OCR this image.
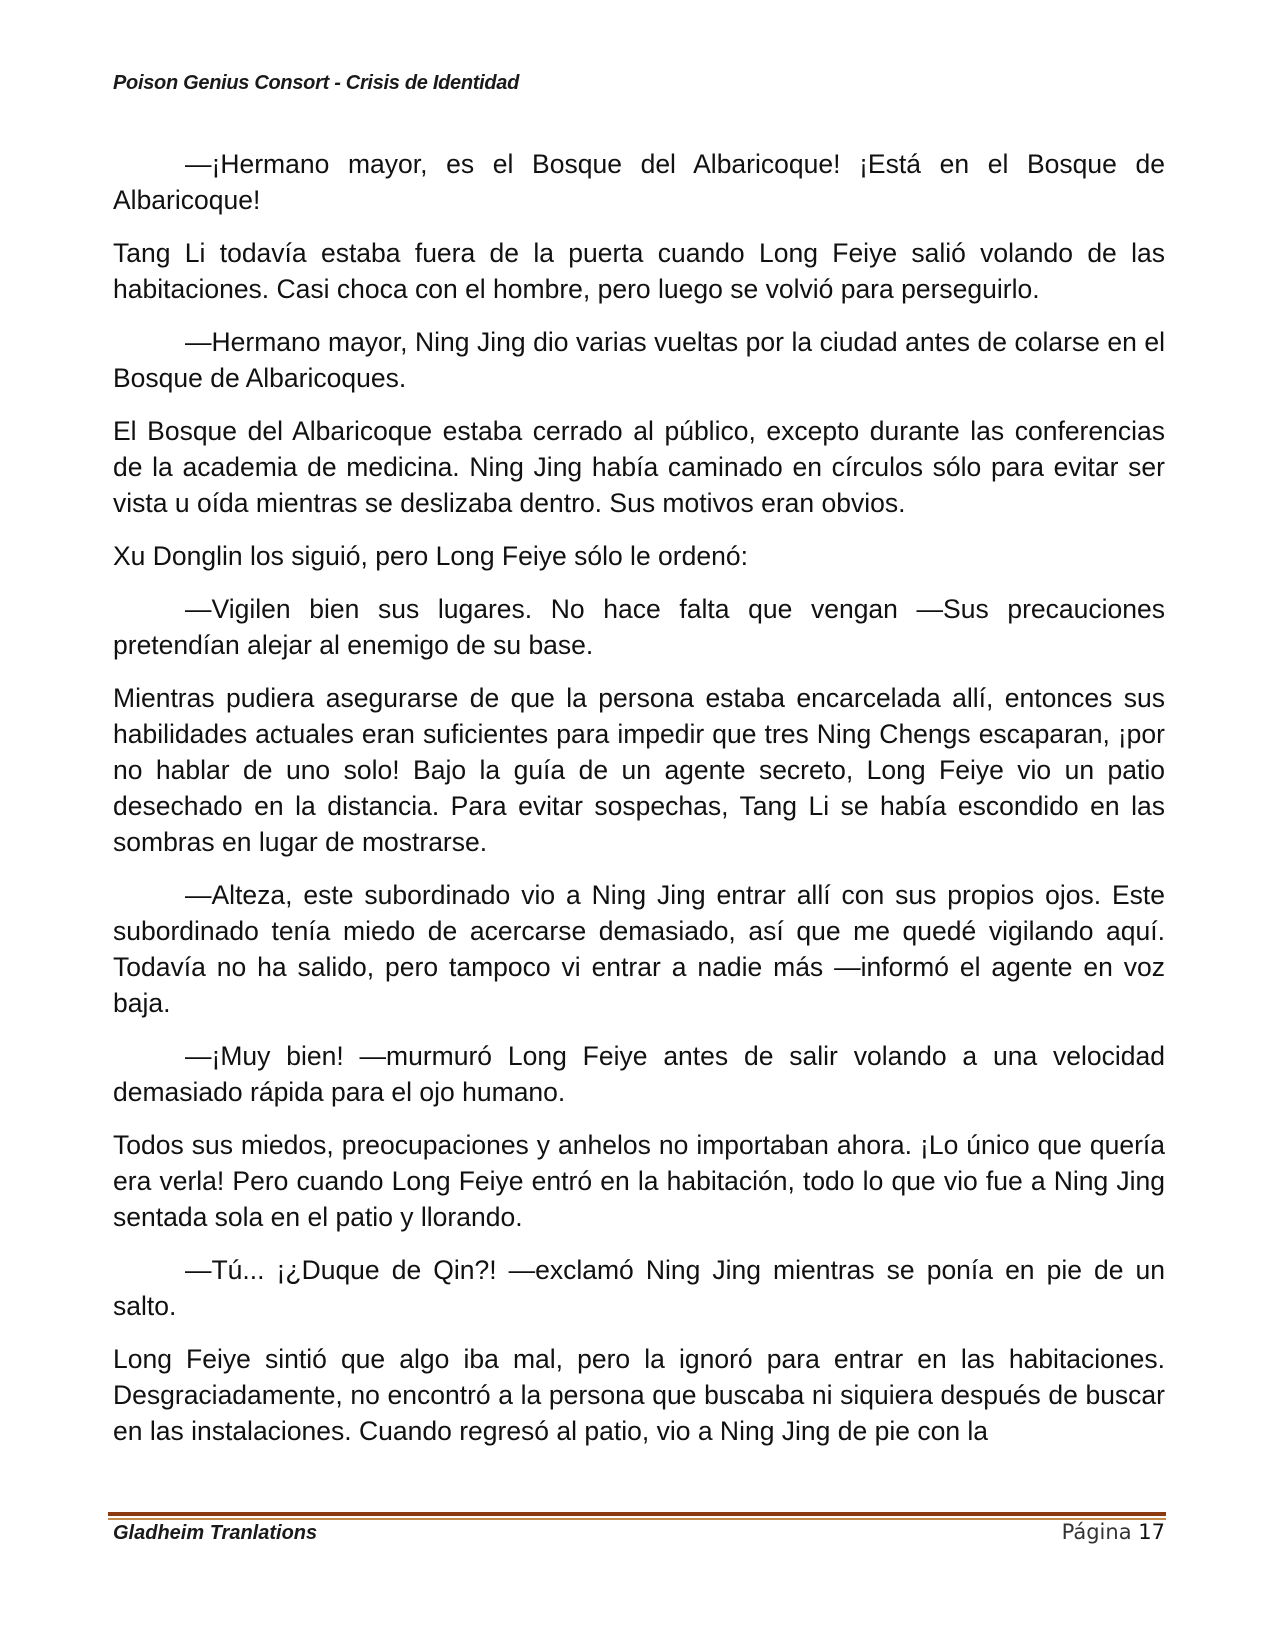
Poison Genius Consort - Crisis de Identidad

—¡Hermano mayor, es el Bosque del Albaricoque! ¡Está en el Bosque de Albaricoque!

Tang Li todavía estaba fuera de la puerta cuando Long Feiye salió volando de las habitaciones. Casi choca con el hombre, pero luego se volvió para perseguirlo.

—Hermano mayor, Ning Jing dio varias vueltas por la ciudad antes de colarse en el Bosque de Albaricoques.

El Bosque del Albaricoque estaba cerrado al público, excepto durante las conferencias de la academia de medicina. Ning Jing había caminado en círculos sólo para evitar ser vista u oída mientras se deslizaba dentro. Sus motivos eran obvios.

Xu Donglin los siguió, pero Long Feiye sólo le ordenó:

—Vigilen bien sus lugares. No hace falta que vengan —Sus precauciones pretendían alejar al enemigo de su base.

Mientras pudiera asegurarse de que la persona estaba encarcelada allí, entonces sus habilidades actuales eran suficientes para impedir que tres Ning Chengs escaparan, ¡por no hablar de uno solo! Bajo la guía de un agente secreto, Long Feiye vio un patio desechado en la distancia. Para evitar sospechas, Tang Li se había escondido en las sombras en lugar de mostrarse.

—Alteza, este subordinado vio a Ning Jing entrar allí con sus propios ojos. Este subordinado tenía miedo de acercarse demasiado, así que me quedé vigilando aquí. Todavía no ha salido, pero tampoco vi entrar a nadie más —informó el agente en voz baja.

—¡Muy bien! —murmuró Long Feiye antes de salir volando a una velocidad demasiado rápida para el ojo humano.

Todos sus miedos, preocupaciones y anhelos no importaban ahora. ¡Lo único que quería era verla! Pero cuando Long Feiye entró en la habitación, todo lo que vio fue a Ning Jing sentada sola en el patio y llorando.

—Tú... ¡¿Duque de Qin?! —exclamó Ning Jing mientras se ponía en pie de un salto.

Long Feiye sintió que algo iba mal, pero la ignoró para entrar en las habitaciones. Desgraciadamente, no encontró a la persona que buscaba ni siquiera después de buscar en las instalaciones. Cuando regresó al patio, vio a Ning Jing de pie con la

Gladheim Tranlations	Página 17
